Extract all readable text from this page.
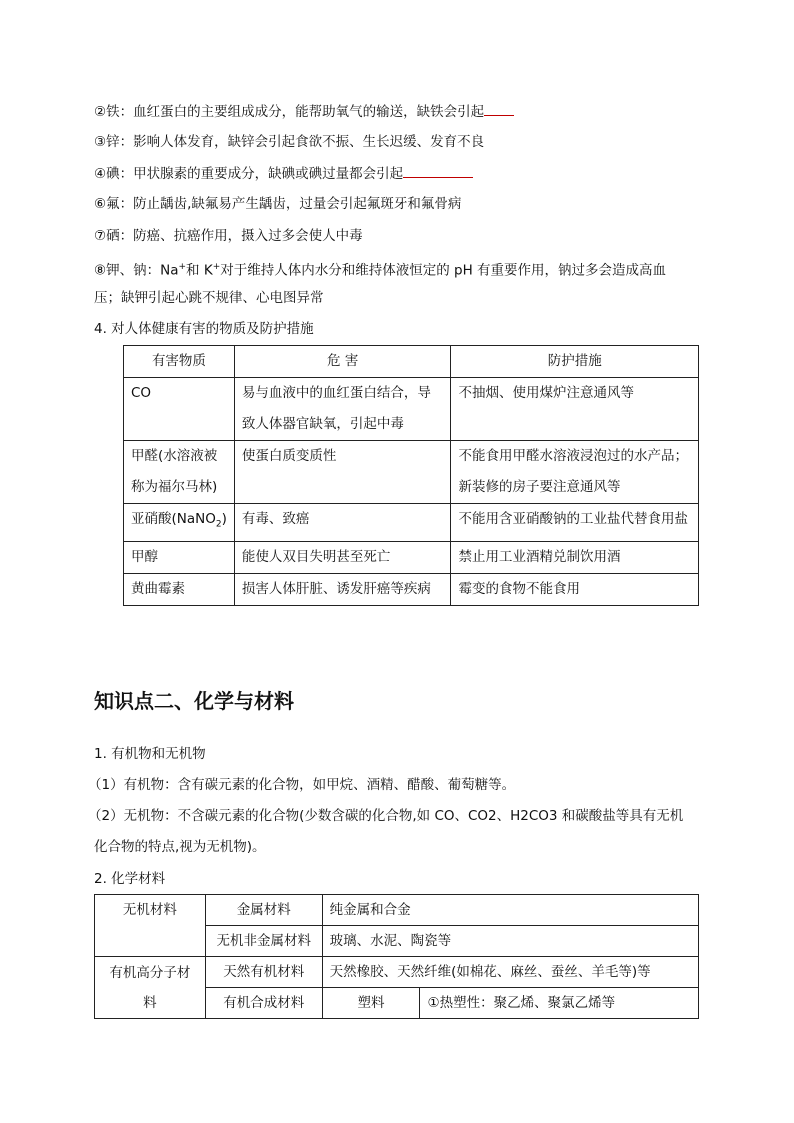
②铁：血红蛋白的主要组成成分，能帮助氧气的输送，缺铁会引起
③锌：影响人体发育，缺锌会引起食欲不振、生长迟缓、发育不良
④碘：甲状腺素的重要成分，缺碘或碘过量都会引起
⑥氟：防止龋齿,缺氟易产生龋齿，过量会引起氟斑牙和氟骨病
⑦硒：防癌、抗癌作用，摄入过多会使人中毒
⑧钾、钠：Na+和 K+对于维持人体内水分和维持体液恒定的 pH 有重要作用，钠过多会造成高血
压；缺钾引起心跳不规律、心电图异常
4. 对人体健康有害的物质及防护措施
有害物质	危 害	防护措施
CO	易与血液中的血红蛋白结合，导致人体器官缺氧，引起中毒	不抽烟、使用煤炉注意通风等
甲醛(水溶液被称为福尔马林)	使蛋白质变质性	不能食用甲醛水溶液浸泡过的水产品；新装修的房子要注意通风等
亚硝酸(NaNO$_2$)	有毒、致癌	不能用含亚硝酸钠的工业盐代替食用盐
甲醇	能使人双目失明甚至死亡	禁止用工业酒精兑制饮用酒
黄曲霉素	损害人体肝脏、诱发肝癌等疾病	霉变的食物不能食用
知识点二、化学与材料
1. 有机物和无机物
（1）有机物：含有碳元素的化合物，如甲烷、酒精、醋酸、葡萄糖等。
（2）无机物：不含碳元素的化合物(少数含碳的化合物,如 CO、CO2、H2CO3 和碳酸盐等具有无机
化合物的特点,视为无机物)。
2. 化学材料
无机材料	金属材料	纯金属和合金	
	无机非金属材料	玻璃、水泥、陶瓷等	
有机高分子材
料	天然有机材料	天然橡胶、天然纤维(如棉花、麻丝、蚕丝、羊毛等)等	
	有机合成材料	塑料	①热塑性：聚乙烯、聚氯乙烯等
